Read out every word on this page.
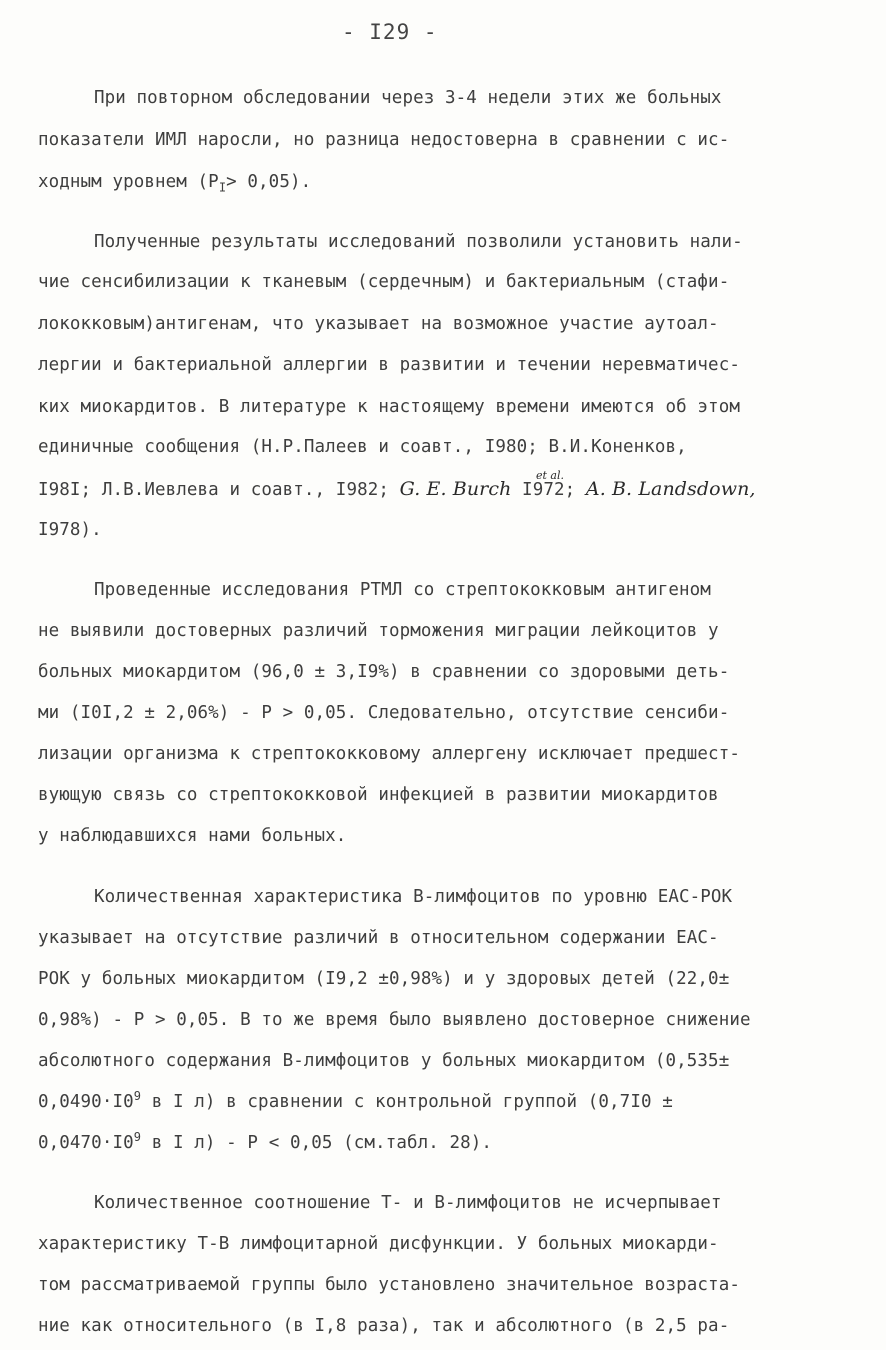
- I29 -
При повторном обследовании через 3-4 недели этих же больных
показатели ИМЛ наросли, но разница недостоверна в сравнении с ис-
ходным уровнем $(P_I> 0,05)$.
Полученные результаты исследований позволили установить нали-
чие сенсибилизации к тканевым (сердечным) и бактериальным (стафи-
лококковым)антигенам, что указывает на возможное участие аутоал-
лергии и бактериальной аллергии в развитии и течении неревматичес-
ких миокардитов. В литературе к настоящему времени имеются об этом
единичные сообщения (Н.Р.Палеев и соавт., I980; В.И.Коненков,
I98I; Л.В.Иевлева и соавт., I982; G. E. Burch I972; A. B. Landsdown,
et al.
I978).
Проведенные исследования РТМЛ со стрептококковым антигеном
не выявили достоверных различий торможения миграции лейкоцитов у
больных миокардитом (96,0 ± 3,I9%) в сравнении со здоровыми деть-
ми (I0I,2 ± 2,06%) - P > 0,05. Следовательно, отсутствие сенсиби-
лизации организма к стрептококковому аллергену исключает предшест-
вующую связь со стрептококковой инфекцией в развитии миокардитов
у наблюдавшихся нами больных.
Количественная характеристика В-лимфоцитов по уровню ЕАС-РОК
указывает на отсутствие различий в относительном содержании ЕАС-
РОК у больных миокардитом (I9,2 ±0,98%) и у здоровых детей (22,0±
0,98%) - P > 0,05. В то же время было выявлено достоверное снижение
абсолютного содержания В-лимфоцитов у больных миокардитом (0,535±
$0,0490\cdot I0^9$ в I л) в сравнении с контрольной группой (0,7I0 ±
$0,0470\cdot I0^9$ в I л) - P < 0,05 (см.табл. 28).
Количественное соотношение Т- и В-лимфоцитов не исчерпывает
характеристику Т-В лимфоцитарной дисфункции. У больных миокарди-
том рассматриваемой группы было установлено значительное возраста-
ние как относительного (в I,8 раза), так и абсолютного (в 2,5 ра-
